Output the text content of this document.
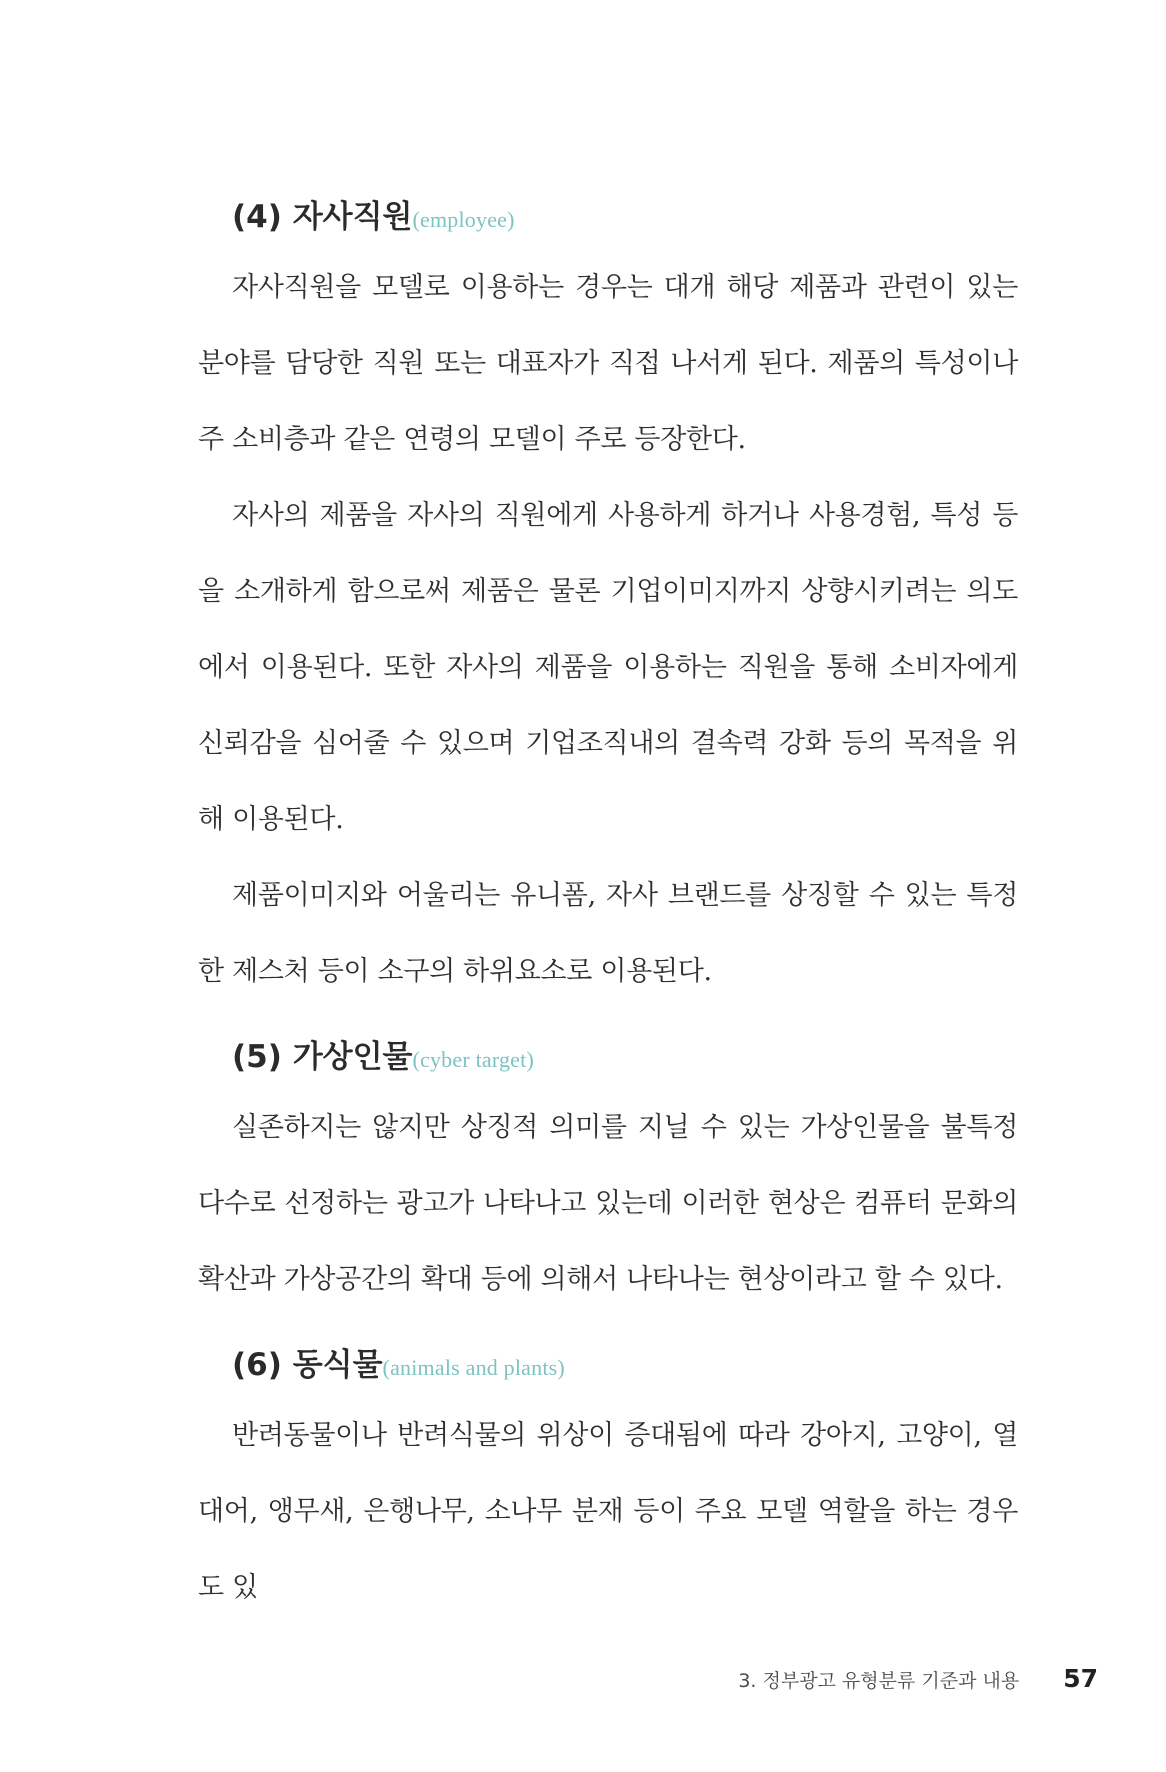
(4) 자사직원(employee)

자사직원을 모델로 이용하는 경우는 대개 해당 제품과 관련이 있는 분야를 담당한 직원 또는 대표자가 직접 나서게 된다. 제품의 특성이나 주 소비층과 같은 연령의 모델이 주로 등장한다.

자사의 제품을 자사의 직원에게 사용하게 하거나 사용경험, 특성 등을 소개하게 함으로써 제품은 물론 기업이미지까지 상향시키려는 의도에서 이용된다. 또한 자사의 제품을 이용하는 직원을 통해 소비자에게 신뢰감을 심어줄 수 있으며 기업조직내의 결속력 강화 등의 목적을 위해 이용된다.

제품이미지와 어울리는 유니폼, 자사 브랜드를 상징할 수 있는 특정한 제스처 등이 소구의 하위요소로 이용된다.

(5) 가상인물(cyber target)

실존하지는 않지만 상징적 의미를 지닐 수 있는 가상인물을 불특정다수로 선정하는 광고가 나타나고 있는데 이러한 현상은 컴퓨터 문화의 확산과 가상공간의 확대 등에 의해서 나타나는 현상이라고 할 수 있다.

(6) 동식물(animals and plants)

반려동물이나 반려식물의 위상이 증대됨에 따라 강아지, 고양이, 열대어, 앵무새, 은행나무, 소나무 분재 등이 주요 모델 역할을 하는 경우도 있

3. 정부광고 유형분류 기준과 내용 57
